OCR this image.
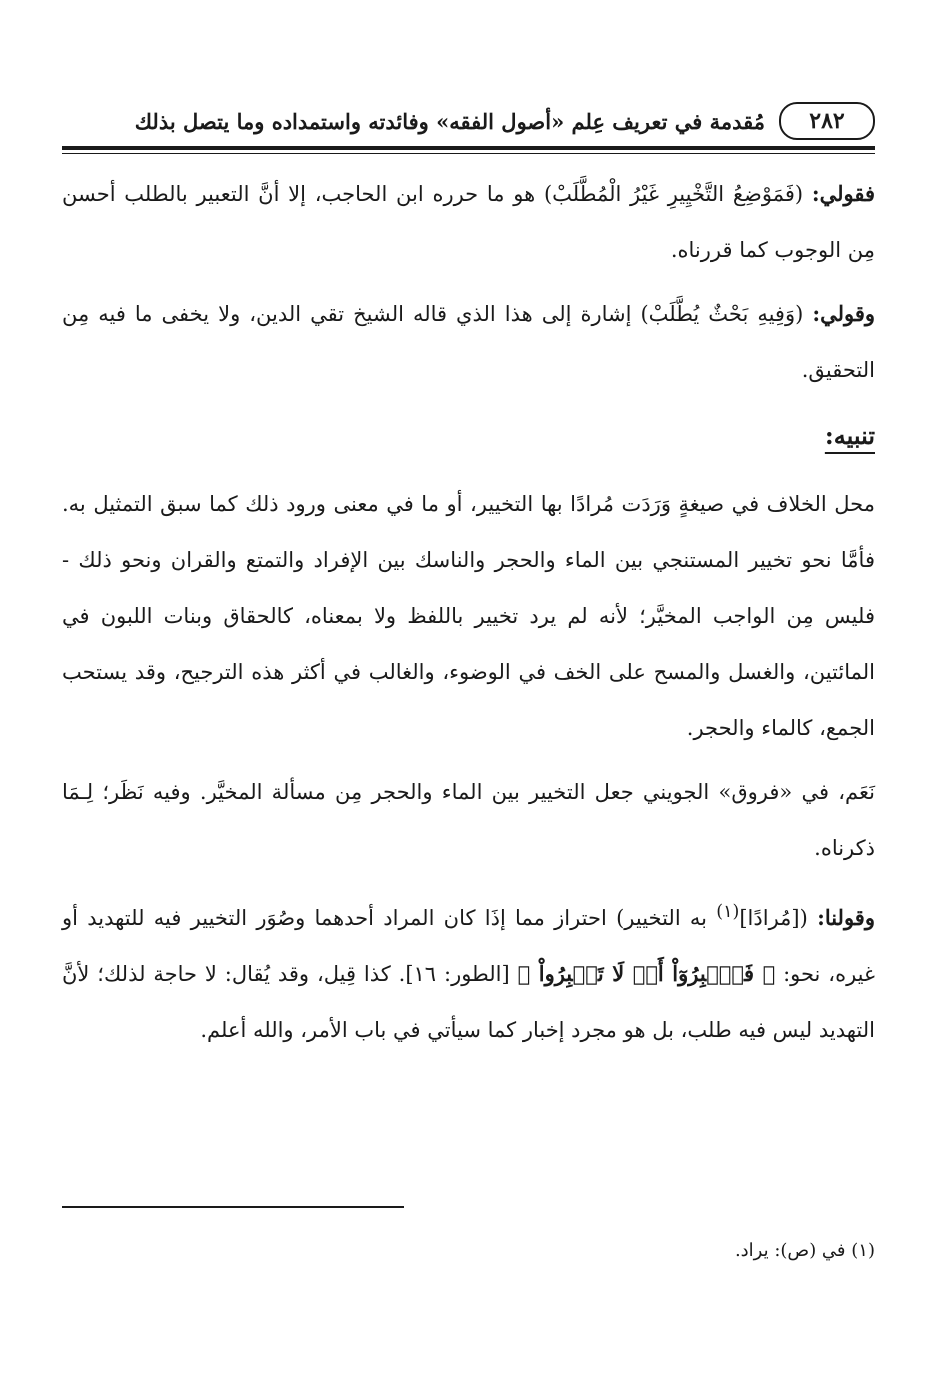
٢٨٢
مُقدمة في تعريف عِلم «أصول الفقه» وفائدته واستمداده وما يتصل بذلك

فقولي: (فَمَوْضِعُ التَّخْيِيرِ غَيْرُ الْمُطَّلَبْ) هو ما حرره ابن الحاجب، إلا أنَّ التعبير بالطلب أحسن مِن الوجوب كما قررناه.

وقولي: (وَفِيهِ بَحْثٌ يُطَّلَبْ) إشارة إلى هذا الذي قاله الشيخ تقي الدين، ولا يخفى ما فيه مِن التحقيق.

تنبيه:

محل الخلاف في صيغةٍ وَرَدَت مُرادًا بها التخيير، أو ما في معنى ورود ذلك كما سبق التمثيل به. فأمَّا نحو تخيير المستنجي بين الماء والحجر والناسك بين الإفراد والتمتع والقران ونحو ذلك - فليس مِن الواجب المخيَّر؛ لأنه لم يرد تخيير باللفظ ولا بمعناه، كالحقاق وبنات اللبون في المائتين، والغسل والمسح على الخف في الوضوء، والغالب في أكثر هذه الترجيح، وقد يستحب الجمع، كالماء والحجر.

نَعَم، في «فروق» الجويني جعل التخيير بين الماء والحجر مِن مسألة المخيَّر. وفيه نَظَر؛ لِـمَا ذكرناه.

وقولنا: ([مُرادًا]$^{(١)}$ به التخيير) احتراز مما إذَا كان المراد أحدهما وصُوَر التخيير فيه للتهديد أو غيره، نحو: ﴿ فَٱصۡبِرُوٓاْ أَوۡ لَا تَصۡبِرُواْ ﴾ [الطور: ١٦]. كذا قِيل، وقد يُقال: لا حاجة لذلك؛ لأنَّ التهديد ليس فيه طلب، بل هو مجرد إخبار كما سيأتي في باب الأمر، والله أعلم.

(١) في (ص): يراد.
